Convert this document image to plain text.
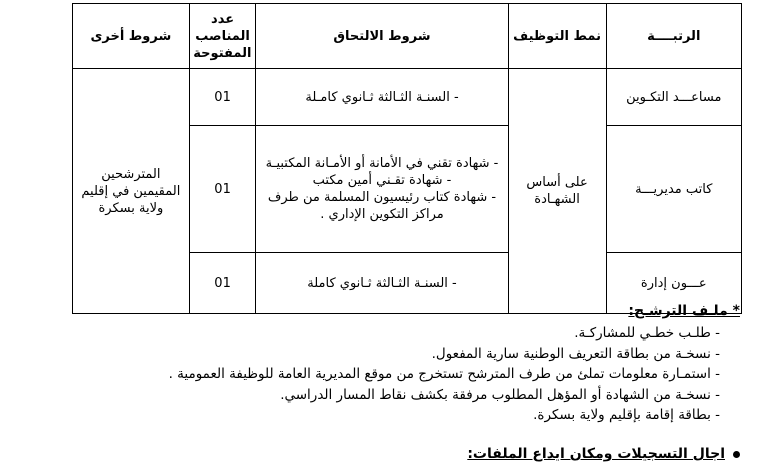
الرتبــــة	نمط التوظيف	شروط الالتحاق	عدد المناصب المفتوحة	شروط أخرى
مساعـــد التكـوين	على أساس الشهـادة	- السنـة الثـالثة ثـانوي كامـلة	01	المترشحين المقيمين في إقليم ولاية بسكرة
كاتب مديريـــة		- شهادة تقني في الأمانة أو الأمـانة المكتبيـة
- شهادة تقـني أمين مكتب
- شهادة كتاب رئيسيون المسلمة من طرف مراكز التكوين الإداري .	01	
عـــون إدارة		- السنـة الثـالثة ثـانوي كاملة	01	
* ملـف الترشـح:
- طلـب خطـي للمشاركـة.
- نسخـة من بطاقة التعريف الوطنية سارية المفعول.
- استمـارة معلومات تملئ من طرف المترشح تستخرج من موقع المديرية العامة للوظيفة العمومية .
- نسخـة من الشهادة أو المؤهل المطلوب مرفقة بكشف نقاط المسار الدراسي.
- بطاقة إقامة بإقليم ولاية بسكرة.
اجال التسجيلات ومكان ايداع الملفات:
